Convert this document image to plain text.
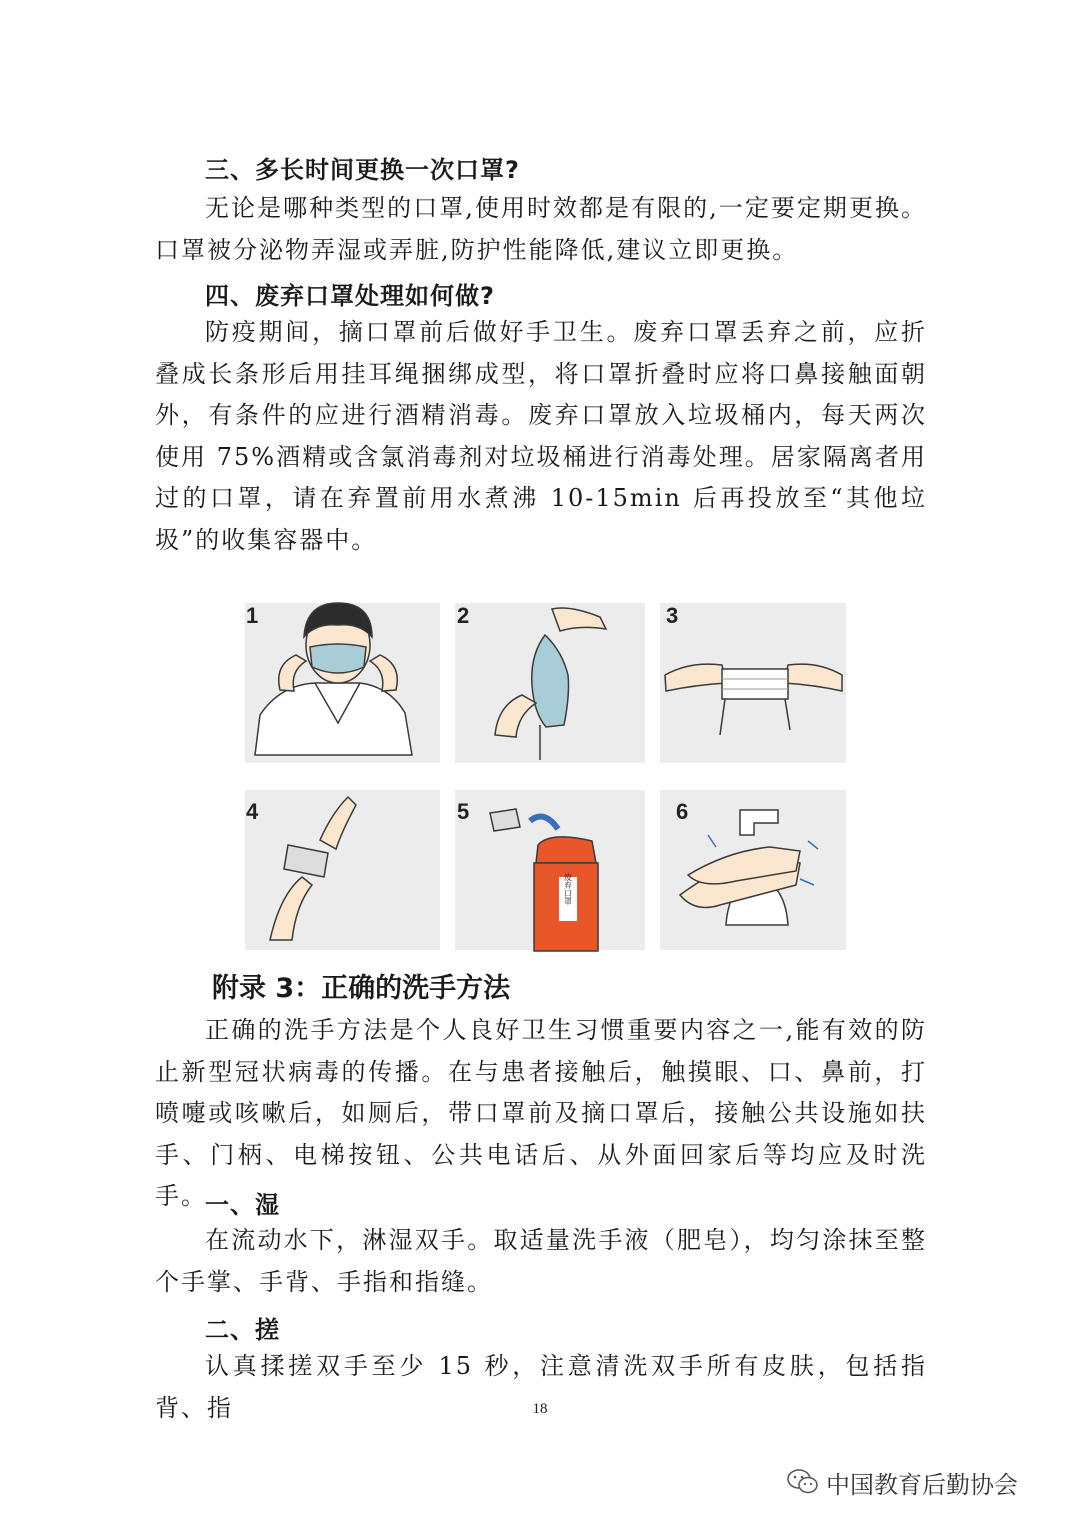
三、多长时间更换一次口罩?

无论是哪种类型的口罩,使用时效都是有限的,一定要定期更换。口罩被分泌物弄湿或弄脏,防护性能降低,建议立即更换。

四、废弃口罩处理如何做?

防疫期间，摘口罩前后做好手卫生。废弃口罩丢弃之前，应折叠成长条形后用挂耳绳捆绑成型，将口罩折叠时应将口鼻接触面朝外，有条件的应进行酒精消毒。废弃口罩放入垃圾桶内，每天两次使用 75%酒精或含氯消毒剂对垃圾桶进行消毒处理。居家隔离者用过的口罩，请在弃置前用水煮沸 10-15min 后再投放至“其他垃圾”的收集容器中。

1	2	3
4	5	6
废弃口罩
附录 3：正确的洗手方法

正确的洗手方法是个人良好卫生习惯重要内容之一,能有效的防止新型冠状病毒的传播。在与患者接触后，触摸眼、口、鼻前，打喷嚏或咳嗽后，如厕后，带口罩前及摘口罩后，接触公共设施如扶手、门柄、电梯按钮、公共电话后、从外面回家后等均应及时洗手。

一、湿

在流动水下，淋湿双手。取适量洗手液（肥皂），均匀涂抹至整个手掌、手背、手指和指缝。

二、搓

认真揉搓双手至少 15 秒，注意清洗双手所有皮肤，包括指背、指	18
中国教育后勤协会
